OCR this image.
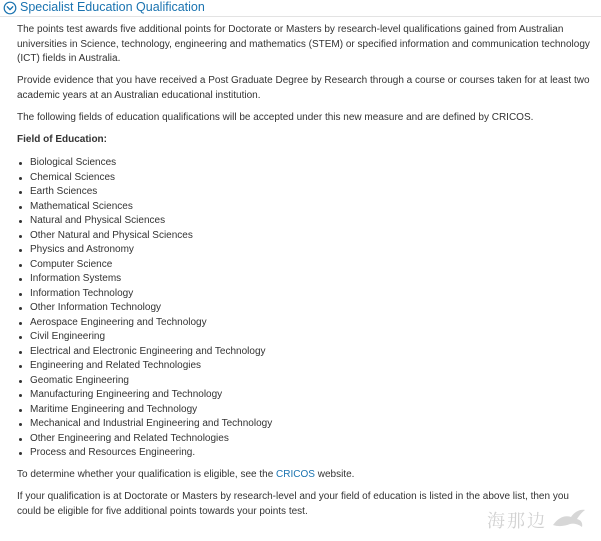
Specialist Education Qualification

The points test awards five additional points for Doctorate or Masters by research-level qualifications gained from Australian universities in Science, technology, engineering and mathematics (STEM) or specified information and communication technology (ICT) fields in Australia.

Provide evidence that you have received a Post Graduate Degree by Research through a course or courses taken for at least two academic years at an Australian educational institution.

The following fields of education qualifications will be accepted under this new measure and are defined by CRICOS.

Field of Education:

Biological Sciences
Chemical Sciences
Earth Sciences
Mathematical Sciences
Natural and Physical Sciences
Other Natural and Physical Sciences
Physics and Astronomy
Computer Science
Information Systems
Information Technology
Other Information Technology
Aerospace Engineering and Technology
Civil Engineering
Electrical and Electronic Engineering and Technology
Engineering and Related Technologies
Geomatic Engineering
Manufacturing Engineering and Technology
Maritime Engineering and Technology
Mechanical and Industrial Engineering and Technology
Other Engineering and Related Technologies
Process and Resources Engineering.

To determine whether your qualification is eligible, see the CRICOS website.

If your qualification is at Doctorate or Masters by research-level and your field of education is listed in the above list, then you could be eligible for five additional points towards your points test.	海那边
